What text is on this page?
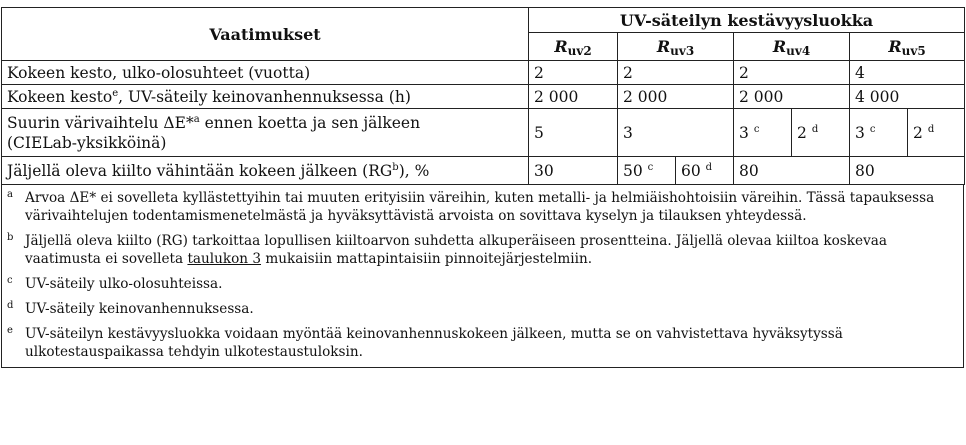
Vaatimukset	UV-säteilyn kestävyysluokka						
	$R_{uv2}$	$R_{uv3}$		$R_{uv4}$		$R_{uv5}$
Kokeen kesto, ulko-olosuhteet (vuotta)	2	2		2		4	
Kokeen kesto$^e$, UV-säteily keinovanhennuksessa (h)	2 000	2 000		2 000		4 000	
Suurin värivaihtelu ΔE*$^a$ ennen koetta ja sen jälkeen
(CIELab-yksikköinä)	5	3		3 $^c$	2 $^d$	3 $^c$	2 $^d$
Jäljellä oleva kiilto vähintään kokeen jälkeen $(RG^b)$, %	30	50 $^c$	60 $^d$	80		80	
a Arvoa ΔE* ei sovelleta kyllästettyihin tai muuten erityisiin väreihin, kuten metalli- ja helmiäishohtoisiin väreihin. Tässä tapauksessa värivaihtelujen todentamismenetelmästä ja hyväksyttävistä arvoista on sovittava kyselyn ja tilauksen yhteydessä.
b Jäljellä oleva kiilto (RG) tarkoittaa lopullisen kiiltoarvon suhdetta alkuperäiseen prosentteina. Jäljellä olevaa kiiltoa koskevaa vaatimusta ei sovelleta taulukon 3 mukaisiin mattapintaisiin pinnoitejärjestelmiin.
c UV-säteily ulko-olosuhteissa.
d UV-säteily keinovanhennuksessa.
e UV-säteilyn kestävyysluokka voidaan myöntää keinovanhennuskokeen jälkeen, mutta se on vahvistettava hyväksytyssä ulkotestauspaikassa tehdyin ulkotestaustuloksin.
